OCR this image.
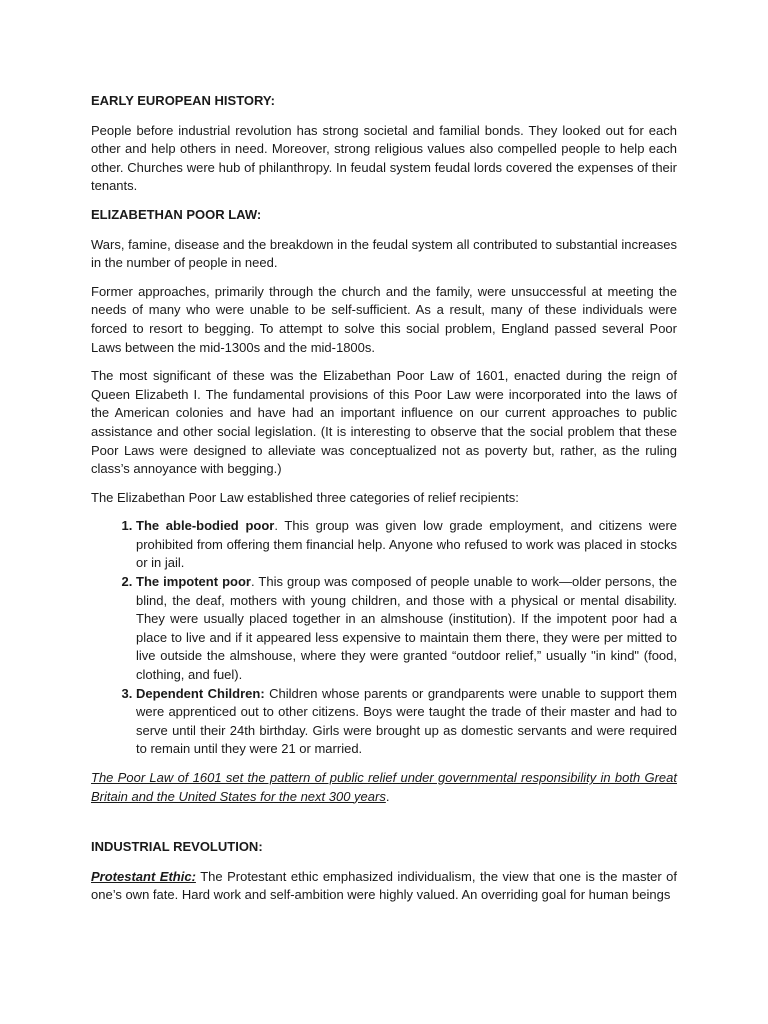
EARLY EUROPEAN HISTORY:

People before industrial revolution has strong societal and familial bonds. They looked out for each other and help others in need. Moreover, strong religious values also compelled people to help each other. Churches were hub of philanthropy. In feudal system feudal lords covered the expenses of their tenants.

ELIZABETHAN POOR LAW:

Wars, famine, disease and the breakdown in the feudal system all contributed to substantial increases in the number of people in need.

Former approaches, primarily through the church and the family, were unsuccessful at meeting the needs of many who were unable to be self-sufficient. As a result, many of these individuals were forced to resort to begging. To attempt to solve this social problem, England passed several Poor Laws between the mid-1300s and the mid-1800s.

The most significant of these was the Elizabethan Poor Law of 1601, enacted during the reign of Queen Elizabeth I. The fundamental provisions of this Poor Law were incorporated into the laws of the American colonies and have had an important influence on our current approaches to public assistance and other social legislation. (It is interesting to observe that the social problem that these Poor Laws were designed to alleviate was conceptualized not as poverty but, rather, as the ruling class’s annoyance with begging.)

The Elizabethan Poor Law established three categories of relief recipients:

1. The able-bodied poor. This group was given low grade employment, and citizens were prohibited from offering them financial help. Anyone who refused to work was placed in stocks or in jail.
2. The impotent poor. This group was composed of people unable to work—older persons, the blind, the deaf, mothers with young children, and those with a physical or mental disability. They were usually placed together in an almshouse (institution). If the impotent poor had a place to live and if it appeared less expensive to maintain them there, they were per mitted to live outside the almshouse, where they were granted “outdoor relief,” usually "in kind" (food, clothing, and fuel).
3. Dependent Children: Children whose parents or grandparents were unable to support them were apprenticed out to other citizens. Boys were taught the trade of their master and had to serve until their 24th birthday. Girls were brought up as domestic servants and were required to remain until they were 21 or married.

The Poor Law of 1601 set the pattern of public relief under governmental responsibility in both Great Britain and the United States for the next 300 years.

INDUSTRIAL REVOLUTION:

Protestant Ethic: The Protestant ethic emphasized individualism, the view that one is the master of one’s own fate. Hard work and self-ambition were highly valued. An overriding goal for human beings
